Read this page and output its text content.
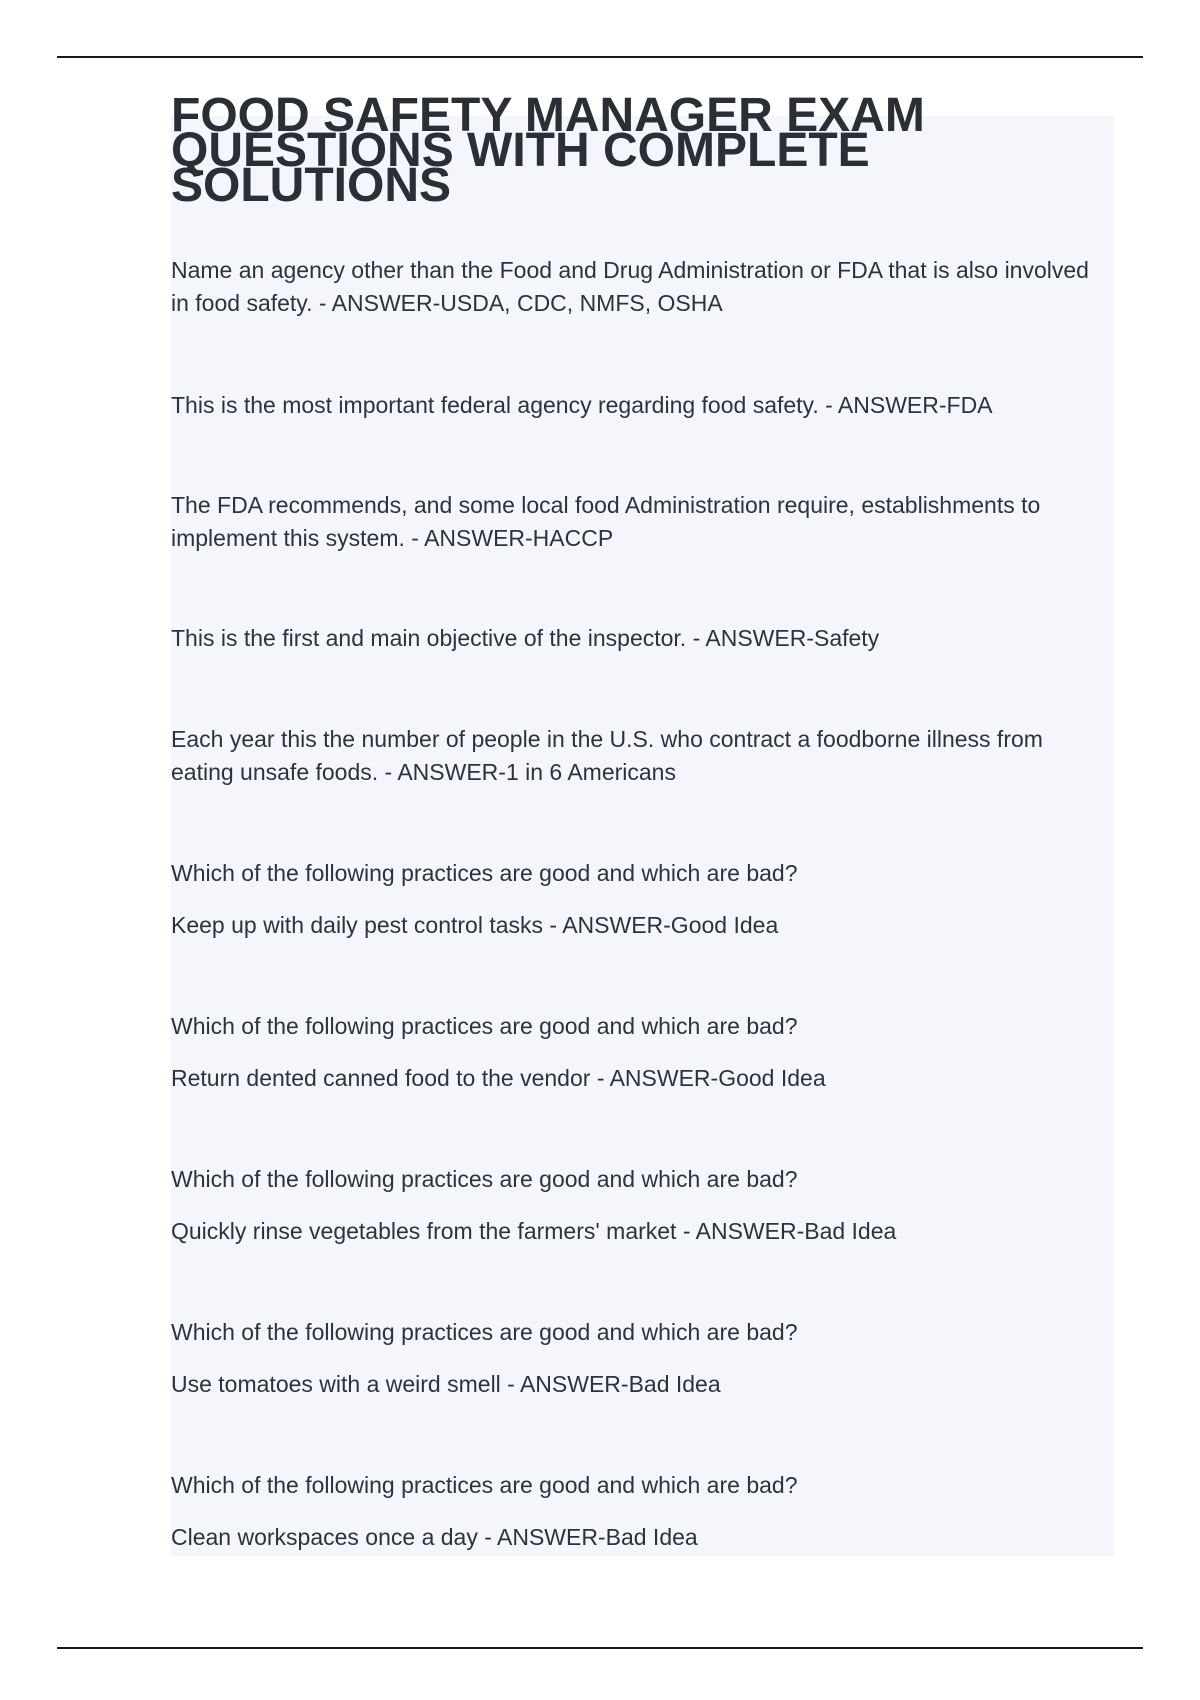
FOOD SAFETY MANAGER EXAM QUESTIONS WITH COMPLETE SOLUTIONS

Name an agency other than the Food and Drug Administration or FDA that is also involved in food safety. - ANSWER-USDA, CDC, NMFS, OSHA

This is the most important federal agency regarding food safety. - ANSWER-FDA

The FDA recommends, and some local food Administration require, establishments to implement this system. - ANSWER-HACCP

This is the first and main objective of the inspector. - ANSWER-Safety

Each year this the number of people in the U.S. who contract a foodborne illness from eating unsafe foods. - ANSWER-1 in 6 Americans

Which of the following practices are good and which are bad?

Keep up with daily pest control tasks - ANSWER-Good Idea

Which of the following practices are good and which are bad?

Return dented canned food to the vendor - ANSWER-Good Idea

Which of the following practices are good and which are bad?

Quickly rinse vegetables from the farmers' market - ANSWER-Bad Idea

Which of the following practices are good and which are bad?

Use tomatoes with a weird smell - ANSWER-Bad Idea

Which of the following practices are good and which are bad?

Clean workspaces once a day - ANSWER-Bad Idea
